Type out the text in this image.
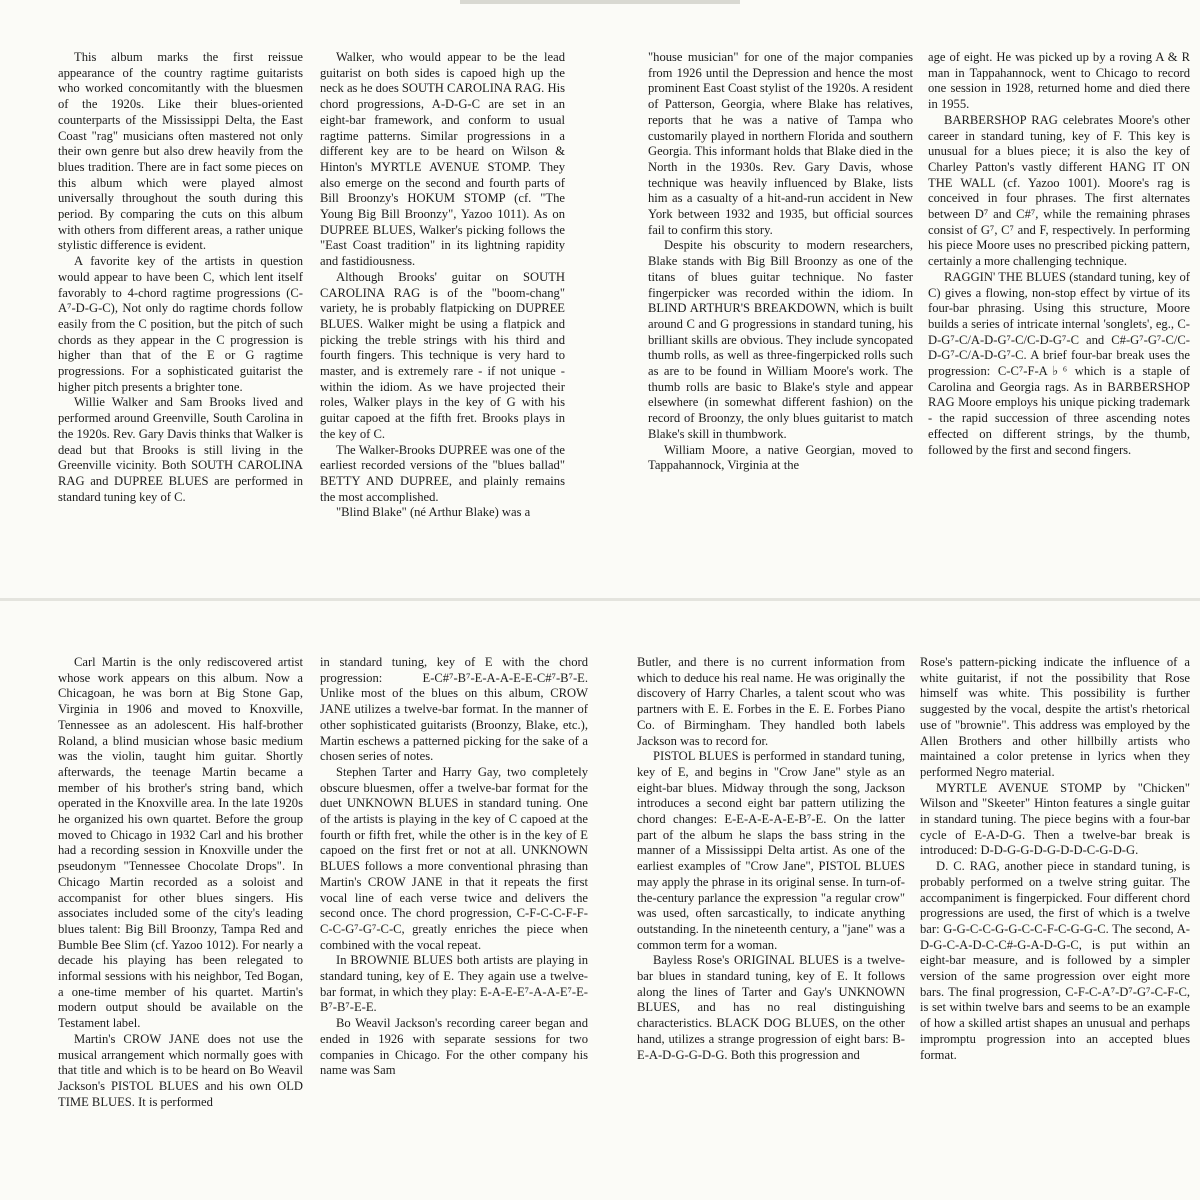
This album marks the first reissue appearance of the country ragtime guitarists who worked concomitantly with the bluesmen of the 1920s. Like their blues-oriented counterparts of the Mississippi Delta, the East Coast "rag" musicians often mastered not only their own genre but also drew heavily from the blues tradition. There are in fact some pieces on this album which were played almost universally throughout the south during this period. By comparing the cuts on this album with others from different areas, a rather unique stylistic difference is evident.

A favorite key of the artists in question would appear to have been C, which lent itself favorably to 4-chord ragtime progressions (C-A⁷-D-G-C), Not only do ragtime chords follow easily from the C position, but the pitch of such chords as they appear in the C progression is higher than that of the E or G ragtime progressions. For a sophisticated guitarist the higher pitch presents a brighter tone.

Willie Walker and Sam Brooks lived and performed around Greenville, South Carolina in the 1920s. Rev. Gary Davis thinks that Walker is dead but that Brooks is still living in the Greenville vicinity. Both SOUTH CAROLINA RAG and DUPREE BLUES are performed in standard tuning key of C.

Walker, who would appear to be the lead guitarist on both sides is capoed high up the neck as he does SOUTH CAROLINA RAG. His chord progressions, A-D-G-C are set in an eight-bar framework, and conform to usual ragtime patterns. Similar progressions in a different key are to be heard on Wilson & Hinton's MYRTLE AVENUE STOMP. They also emerge on the second and fourth parts of Bill Broonzy's HOKUM STOMP (cf. "The Young Big Bill Broonzy", Yazoo 1011). As on DUPREE BLUES, Walker's picking follows the "East Coast tradition" in its lightning rapidity and fastidiousness.

Although Brooks' guitar on SOUTH CAROLINA RAG is of the "boom-chang" variety, he is probably flatpicking on DUPREE BLUES. Walker might be using a flatpick and picking the treble strings with his third and fourth fingers. This technique is very hard to master, and is extremely rare - if not unique - within the idiom. As we have projected their roles, Walker plays in the key of G with his guitar capoed at the fifth fret. Brooks plays in the key of C.

The Walker-Brooks DUPREE was one of the earliest recorded versions of the "blues ballad" BETTY AND DUPREE, and plainly remains the most accomplished.

"Blind Blake" (né Arthur Blake) was a

"house musician" for one of the major companies from 1926 until the Depression and hence the most prominent East Coast stylist of the 1920s. A resident of Patterson, Georgia, where Blake has relatives, reports that he was a native of Tampa who customarily played in northern Florida and southern Georgia. This informant holds that Blake died in the North in the 1930s. Rev. Gary Davis, whose technique was heavily influenced by Blake, lists him as a casualty of a hit-and-run accident in New York between 1932 and 1935, but official sources fail to confirm this story.

Despite his obscurity to modern researchers, Blake stands with Big Bill Broonzy as one of the titans of blues guitar technique. No faster fingerpicker was recorded within the idiom. In BLIND ARTHUR'S BREAKDOWN, which is built around C and G progressions in standard tuning, his brilliant skills are obvious. They include syncopated thumb rolls, as well as three-fingerpicked rolls such as are to be found in William Moore's work. The thumb rolls are basic to Blake's style and appear elsewhere (in somewhat different fashion) on the record of Broonzy, the only blues guitarist to match Blake's skill in thumbwork.

William Moore, a native Georgian, moved to Tappahannock, Virginia at the

age of eight. He was picked up by a roving A & R man in Tappahannock, went to Chicago to record one session in 1928, returned home and died there in 1955.

BARBERSHOP RAG celebrates Moore's other career in standard tuning, key of F. This key is unusual for a blues piece; it is also the key of Charley Patton's vastly different HANG IT ON THE WALL (cf. Yazoo 1001). Moore's rag is conceived in four phrases. The first alternates between D⁷ and C#⁷, while the remaining phrases consist of G⁷, C⁷ and F, respectively. In performing his piece Moore uses no prescribed picking pattern, certainly a more challenging technique.

RAGGIN' THE BLUES (standard tuning, key of C) gives a flowing, non-stop effect by virtue of its four-bar phrasing. Using this structure, Moore builds a series of intricate internal 'songlets', eg., C-D-G⁷-C/A-D-G⁷-C/C-D-G⁷-C and C#-G⁷-G⁷-C/C-D-G⁷-C/A-D-G⁷-C. A brief four-bar break uses the progression: C-C⁷-F-A♭⁶ which is a staple of Carolina and Georgia rags. As in BARBERSHOP RAG Moore employs his unique picking trademark - the rapid succession of three ascending notes effected on different strings, by the thumb, followed by the first and second fingers.

Carl Martin is the only rediscovered artist whose work appears on this album. Now a Chicagoan, he was born at Big Stone Gap, Virginia in 1906 and moved to Knoxville, Tennessee as an adolescent. His half-brother Roland, a blind musician whose basic medium was the violin, taught him guitar. Shortly afterwards, the teenage Martin became a member of his brother's string band, which operated in the Knoxville area. In the late 1920s he organized his own quartet. Before the group moved to Chicago in 1932 Carl and his brother had a recording session in Knoxville under the pseudonym "Tennessee Chocolate Drops". In Chicago Martin recorded as a soloist and accompanist for other blues singers. His associates included some of the city's leading blues talent: Big Bill Broonzy, Tampa Red and Bumble Bee Slim (cf. Yazoo 1012). For nearly a decade his playing has been relegated to informal sessions with his neighbor, Ted Bogan, a one-time member of his quartet. Martin's modern output should be available on the Testament label.

Martin's CROW JANE does not use the musical arrangement which normally goes with that title and which is to be heard on Bo Weavil Jackson's PISTOL BLUES and his own OLD TIME BLUES. It is performed

in standard tuning, key of E with the chord progression: E-C#⁷-B⁷-E-A-A-E-E-C#⁷-B⁷-E. Unlike most of the blues on this album, CROW JANE utilizes a twelve-bar format. In the manner of other sophisticated guitarists (Broonzy, Blake, etc.), Martin eschews a patterned picking for the sake of a chosen series of notes.

Stephen Tarter and Harry Gay, two completely obscure bluesmen, offer a twelve-bar format for the duet UNKNOWN BLUES in standard tuning. One of the artists is playing in the key of C capoed at the fourth or fifth fret, while the other is in the key of E capoed on the first fret or not at all. UNKNOWN BLUES follows a more conventional phrasing than Martin's CROW JANE in that it repeats the first vocal line of each verse twice and delivers the second once. The chord progression, C-F-C-C-F-F-C-C-G⁷-G⁷-C-C, greatly enriches the piece when combined with the vocal repeat.

In BROWNIE BLUES both artists are playing in standard tuning, key of E. They again use a twelve-bar format, in which they play: E-A-E-E⁷-A-A-E⁷-E-B⁷-B⁷-E-E.

Bo Weavil Jackson's recording career began and ended in 1926 with separate sessions for two companies in Chicago. For the other company his name was Sam

Butler, and there is no current information from which to deduce his real name. He was originally the discovery of Harry Charles, a talent scout who was partners with E. E. Forbes in the E. E. Forbes Piano Co. of Birmingham. They handled both labels Jackson was to record for.

PISTOL BLUES is performed in standard tuning, key of E, and begins in "Crow Jane" style as an eight-bar blues. Midway through the song, Jackson introduces a second eight bar pattern utilizing the chord changes: E-E-A-E-A-E-B⁷-E. On the latter part of the album he slaps the bass string in the manner of a Mississippi Delta artist. As one of the earliest examples of "Crow Jane", PISTOL BLUES may apply the phrase in its original sense. In turn-of-the-century parlance the expression "a regular crow" was used, often sarcastically, to indicate anything outstanding. In the nineteenth century, a "jane" was a common term for a woman.

Bayless Rose's ORIGINAL BLUES is a twelve-bar blues in standard tuning, key of E. It follows along the lines of Tarter and Gay's UNKNOWN BLUES, and has no real distinguishing characteristics. BLACK DOG BLUES, on the other hand, utilizes a strange progression of eight bars: B-E-A-D-G-G-D-G. Both this progression and

Rose's pattern-picking indicate the influence of a white guitarist, if not the possibility that Rose himself was white. This possibility is further suggested by the vocal, despite the artist's rhetorical use of "brownie". This address was employed by the Allen Brothers and other hillbilly artists who maintained a color pretense in lyrics when they performed Negro material.

MYRTLE AVENUE STOMP by "Chicken" Wilson and "Skeeter" Hinton features a single guitar in standard tuning. The piece begins with a four-bar cycle of E-A-D-G. Then a twelve-bar break is introduced: D-D-G-G-D-G-D-D-C-G-D-G.

D. C. RAG, another piece in standard tuning, is probably performed on a twelve string guitar. The accompaniment is fingerpicked. Four different chord progressions are used, the first of which is a twelve bar: G-G-C-C-G-G-C-C-F-C-G-G-C. The second, A-D-G-C-A-D-C-C#-G-A-D-G-C, is put within an eight-bar measure, and is followed by a simpler version of the same progression over eight more bars. The final progression, C-F-C-A⁷-D⁷-G⁷-C-F-C, is set within twelve bars and seems to be an example of how a skilled artist shapes an unusual and perhaps impromptu progression into an accepted blues format.
